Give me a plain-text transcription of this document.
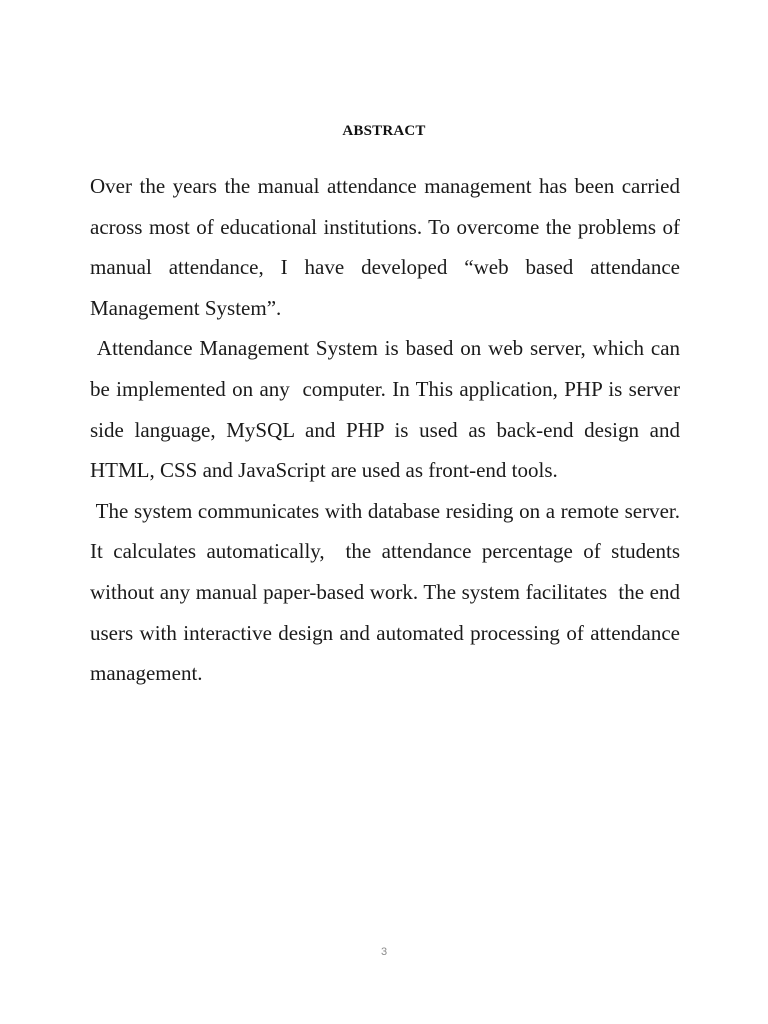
ABSTRACT

Over the years the manual attendance management has been carried across most of educational institutions. To overcome the problems of manual attendance, I have developed “web based attendance Management System”.

Attendance Management System is based on web server, which can be implemented on any  computer. In This application, PHP is server side language, MySQL and PHP is used as back-end design and HTML, CSS and JavaScript are used as front-end tools.

The system communicates with database residing on a remote server. It calculates automatically,  the attendance percentage of students without any manual paper-based work. The system facilitates  the end users with interactive design and automated processing of attendance management.

3
